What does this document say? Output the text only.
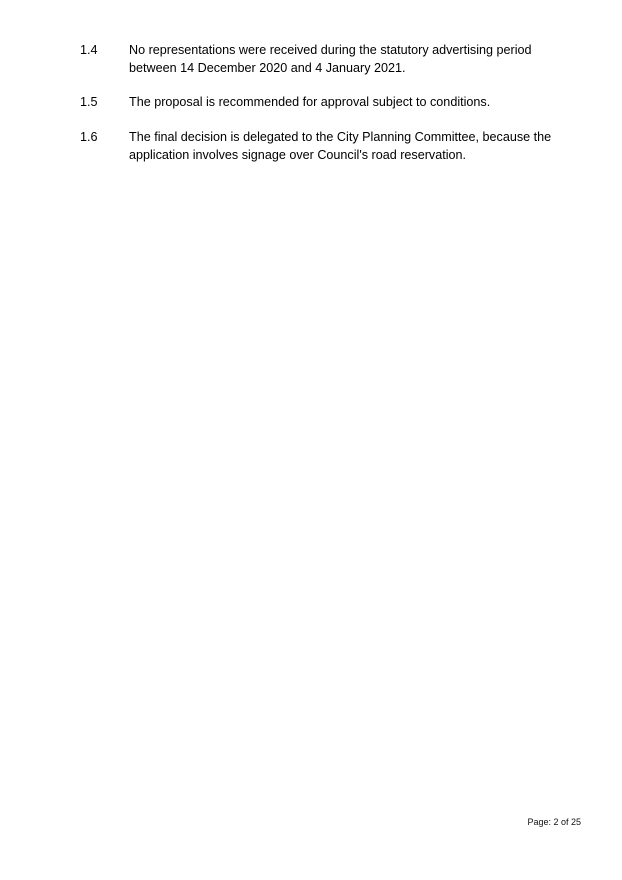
1.4	No representations were received during the statutory advertising period between 14 December 2020 and 4 January 2021.
1.5	The proposal is recommended for approval subject to conditions.
1.6	The final decision is delegated to the City Planning Committee, because the application involves signage over Council's road reservation.
Page: 2 of 25
